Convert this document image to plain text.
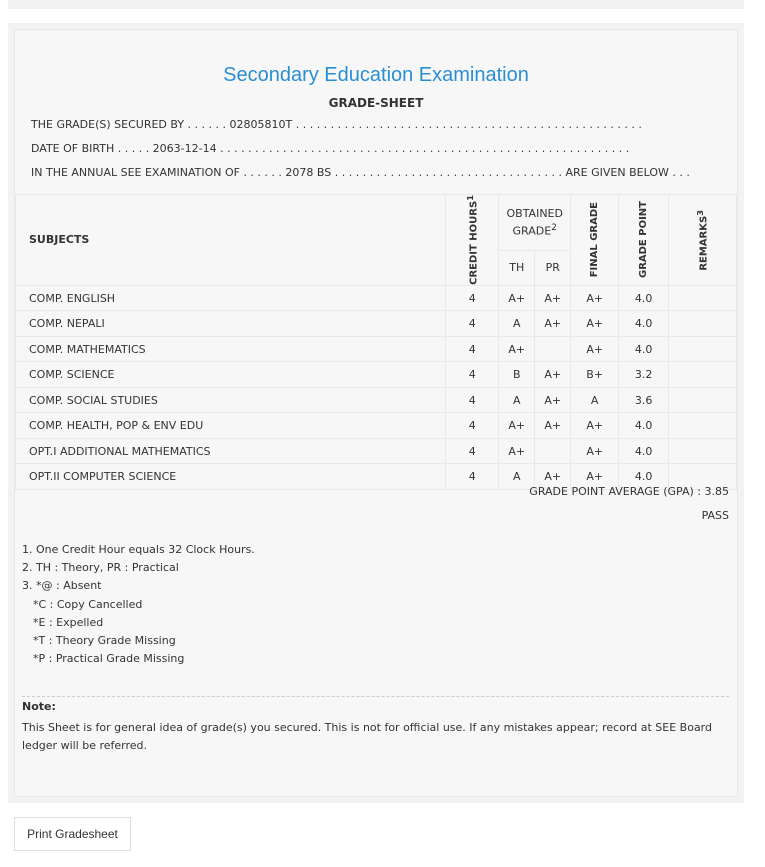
Secondary Education Examination
GRADE-SHEET
THE GRADE(S) SECURED BY . . . . . . 02805810T . . . . . . . . . . . . . . . . . . . . . . . . . . . . . . . . . . . . . . . . . . . . . . . . . .
DATE OF BIRTH . . . . . 2063-12-14 . . . . . . . . . . . . . . . . . . . . . . . . . . . . . . . . . . . . . . . . . . . . . . . . . . . . . . . . . . .
IN THE ANNUAL SEE EXAMINATION OF . . . . . . 2078 BS . . . . . . . . . . . . . . . . . . . . . . . . . . . . . . . . . ARE GIVEN BELOW . . .
SUBJECTS	CREDIT HOURS$^1$	OBTAINED GRADE$^2$		FINAL GRADE	GRADE POINT	REMARKS$^3$

		TH	PR			
COMP. ENGLISH	4	A+	A+	A+	4.0	
COMP. NEPALI	4	A	A+	A+	4.0	
COMP. MATHEMATICS	4	A+		A+	4.0	
COMP. SCIENCE	4	B	A+	B+	3.2	
COMP. SOCIAL STUDIES	4	A	A+	A	3.6	
COMP. HEALTH, POP & ENV EDU	4	A+	A+	A+	4.0	
OPT.I ADDITIONAL MATHEMATICS	4	A+		A+	4.0	
OPT.II COMPUTER SCIENCE	4	A	A+	A+	4.0	
GRADE POINT AVERAGE (GPA) : 3.85
PASS
1. One Credit Hour equals 32 Clock Hours.
2. TH : Theory, PR : Practical
3. *@ : Absent
*C : Copy Cancelled
*E : Expelled
*T : Theory Grade Missing
*P : Practical Grade Missing
Note:
This Sheet is for general idea of grade(s) you secured. This is not for official use. If any mistakes appear; record at SEE Board ledger will be referred.
Print Gradesheet
